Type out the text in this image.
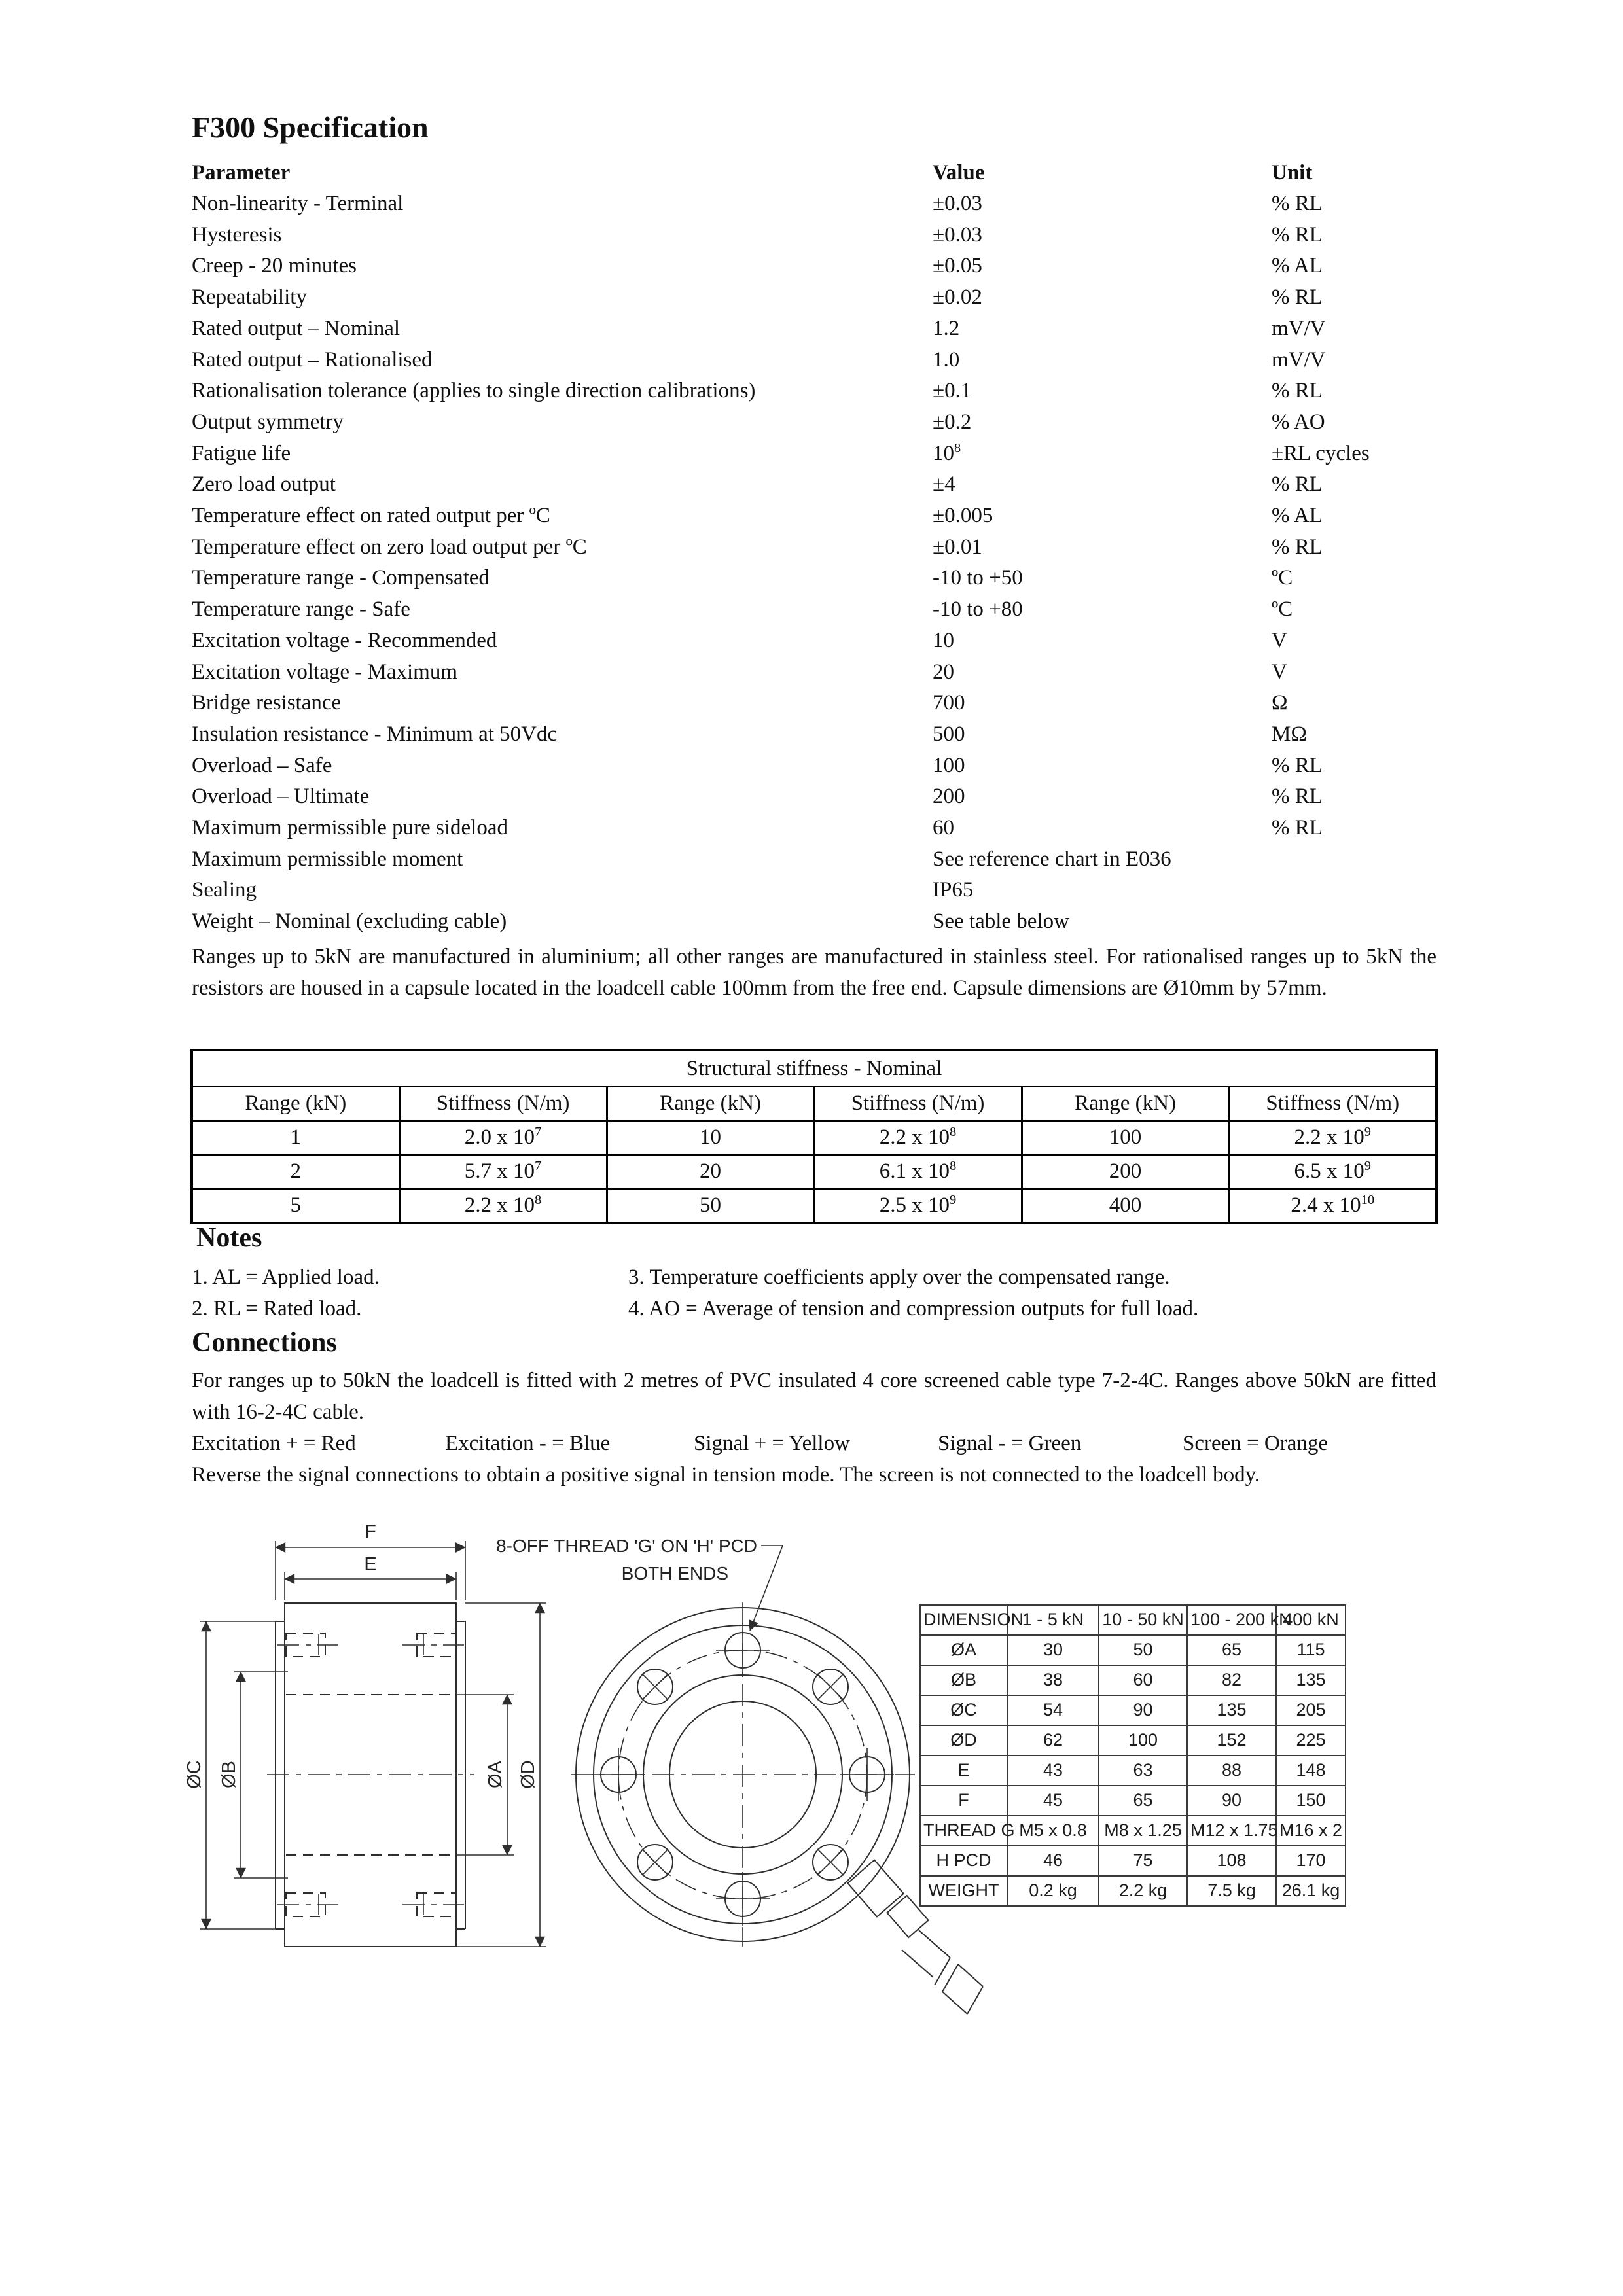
F300 Specification
Parameter	Value	Unit
Non-linearity - Terminal	±0.03	% RL
Hysteresis	±0.03	% RL
Creep - 20 minutes	±0.05	% AL
Repeatability	±0.02	% RL
Rated output – Nominal	1.2	mV/V
Rated output – Rationalised	1.0	mV/V
Rationalisation tolerance (applies to single direction calibrations)	±0.1	% RL
Output symmetry	±0.2	% AO
Fatigue life	$10^8$	±RL cycles
Zero load output	±4	% RL
Temperature effect on rated output per ºC	±0.005	% AL
Temperature effect on zero load output per ºC	±0.01	% RL
Temperature range - Compensated	-10 to +50	ºC
Temperature range - Safe	-10 to +80	ºC
Excitation voltage - Recommended	10	V
Excitation voltage - Maximum	20	V
Bridge resistance	700	Ω
Insulation resistance - Minimum at 50Vdc	500	MΩ
Overload – Safe	100	% RL
Overload – Ultimate	200	% RL
Maximum permissible pure sideload	60	% RL
Maximum permissible moment	See reference chart in E036	
Sealing	IP65	
Weight – Nominal (excluding cable)	See table below	
Ranges up to 5kN are manufactured in aluminium; all other ranges are manufactured in stainless steel. For rationalised ranges up to 5kN the resistors are housed in a capsule located in the loadcell cable 100mm from the free end. Capsule dimensions are Ø10mm by 57mm.
Structural stiffness - Nominal					
Range (kN)	Stiffness (N/m)	Range (kN)	Stiffness (N/m)	Range (kN)	Stiffness (N/m)
1	2.0 x $10^7$	10	2.2 x $10^8$	100	2.2 x $10^9$
2	5.7 x $10^7$	20	6.1 x $10^8$	200	6.5 x $10^9$
5	2.2 x $10^8$	50	2.5 x $10^9$	400	2.4 x $10^{10}$
Notes
1. AL = Applied load.	3. Temperature coefficients apply over the compensated range.
2. RL = Rated load.	4. AO = Average of tension and compression outputs for full load.
Connections
For ranges up to 50kN the loadcell is fitted with 2 metres of PVC insulated 4 core screened cable type 7-2-4C. Ranges above 50kN are fitted with 16-2-4C cable.
Excitation + = Red	Excitation - = Blue	Signal + = Yellow	Signal - = Green	Screen = Orange
Reverse the signal connections to obtain a positive signal in tension mode. The screen is not connected to the loadcell body.
F
E
ØC ØB	ØA ØD
8-OFF THREAD 'G' ON 'H' PCD
BOTH ENDS
DIMENSION	1 - 5 kN	10 - 50 kN	100 - 200 kN	400 kN
ØA	30	50	65	115
ØB	38	60	82	135
ØC	54	90	135	205
ØD	62	100	152	225
E	43	63	88	148
F	45	65	90	150
THREAD G	M5 x 0.8	M8 x 1.25	M12 x 1.75	M16 x 2
H PCD	46	75	108	170
WEIGHT	0.2 kg	2.2 kg	7.5 kg	26.1 kg
